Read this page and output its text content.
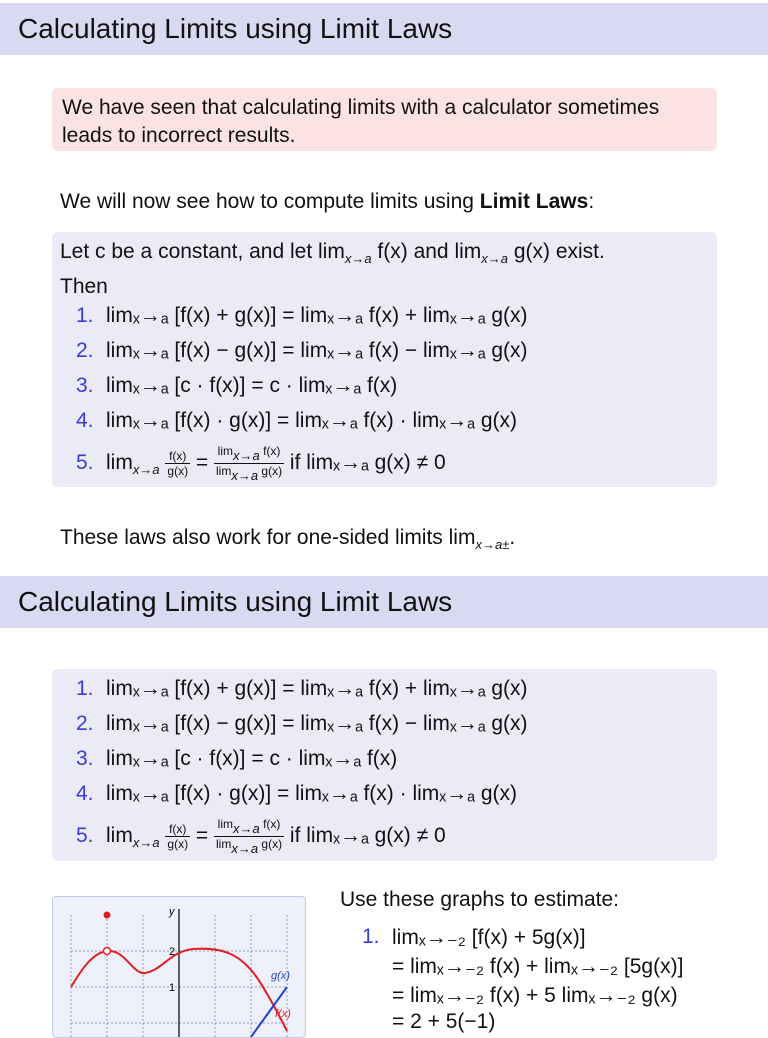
Calculating Limits using Limit Laws
We have seen that calculating limits with a calculator sometimes leads to incorrect results.
We will now see how to compute limits using Limit Laws:
Let c be a constant, and let $\lim_{x\to a} f(x)$ and $\lim_{x\to a} g(x)$ exist.
Then
1. limₓ→ₐ [f(x) + g(x)] = limₓ→ₐ f(x) + limₓ→ₐ g(x)
2. limₓ→ₐ [f(x) − g(x)] = limₓ→ₐ f(x) − limₓ→ₐ g(x)
3. limₓ→ₐ [c · f(x)] = c · limₓ→ₐ f(x)
4. limₓ→ₐ [f(x) · g(x)] = limₓ→ₐ f(x) · limₓ→ₐ g(x)
5. $\lim_{x\to a} \frac{f(x)}{g(x)} = \frac{\lim_{x\to a} f(x)}{\lim_{x\to a} g(x)}$ if limₓ→ₐ g(x) ≠ 0
These laws also work for one-sided limits $\lim_{x\to a\pm}$.
Calculating Limits using Limit Laws
1. limₓ→ₐ [f(x) + g(x)] = limₓ→ₐ f(x) + limₓ→ₐ g(x)
2. limₓ→ₐ [f(x) − g(x)] = limₓ→ₐ f(x) − limₓ→ₐ g(x)
3. limₓ→ₐ [c · f(x)] = c · limₓ→ₐ f(x)
4. limₓ→ₐ [f(x) · g(x)] = limₓ→ₐ f(x) · limₓ→ₐ g(x)
5. $\lim_{x\to a} \frac{f(x)}{g(x)} = \frac{\lim_{x\to a} f(x)}{\lim_{x\to a} g(x)}$ if limₓ→ₐ g(x) ≠ 0
y
2
1
g(x)
f(x)
Use these graphs to estimate:
1. limₓ→₋₂ [f(x) + 5g(x)]
= limₓ→₋₂ f(x) + limₓ→₋₂ [5g(x)]
= limₓ→₋₂ f(x) + 5 limₓ→₋₂ g(x)
= 2 + 5(−1)
